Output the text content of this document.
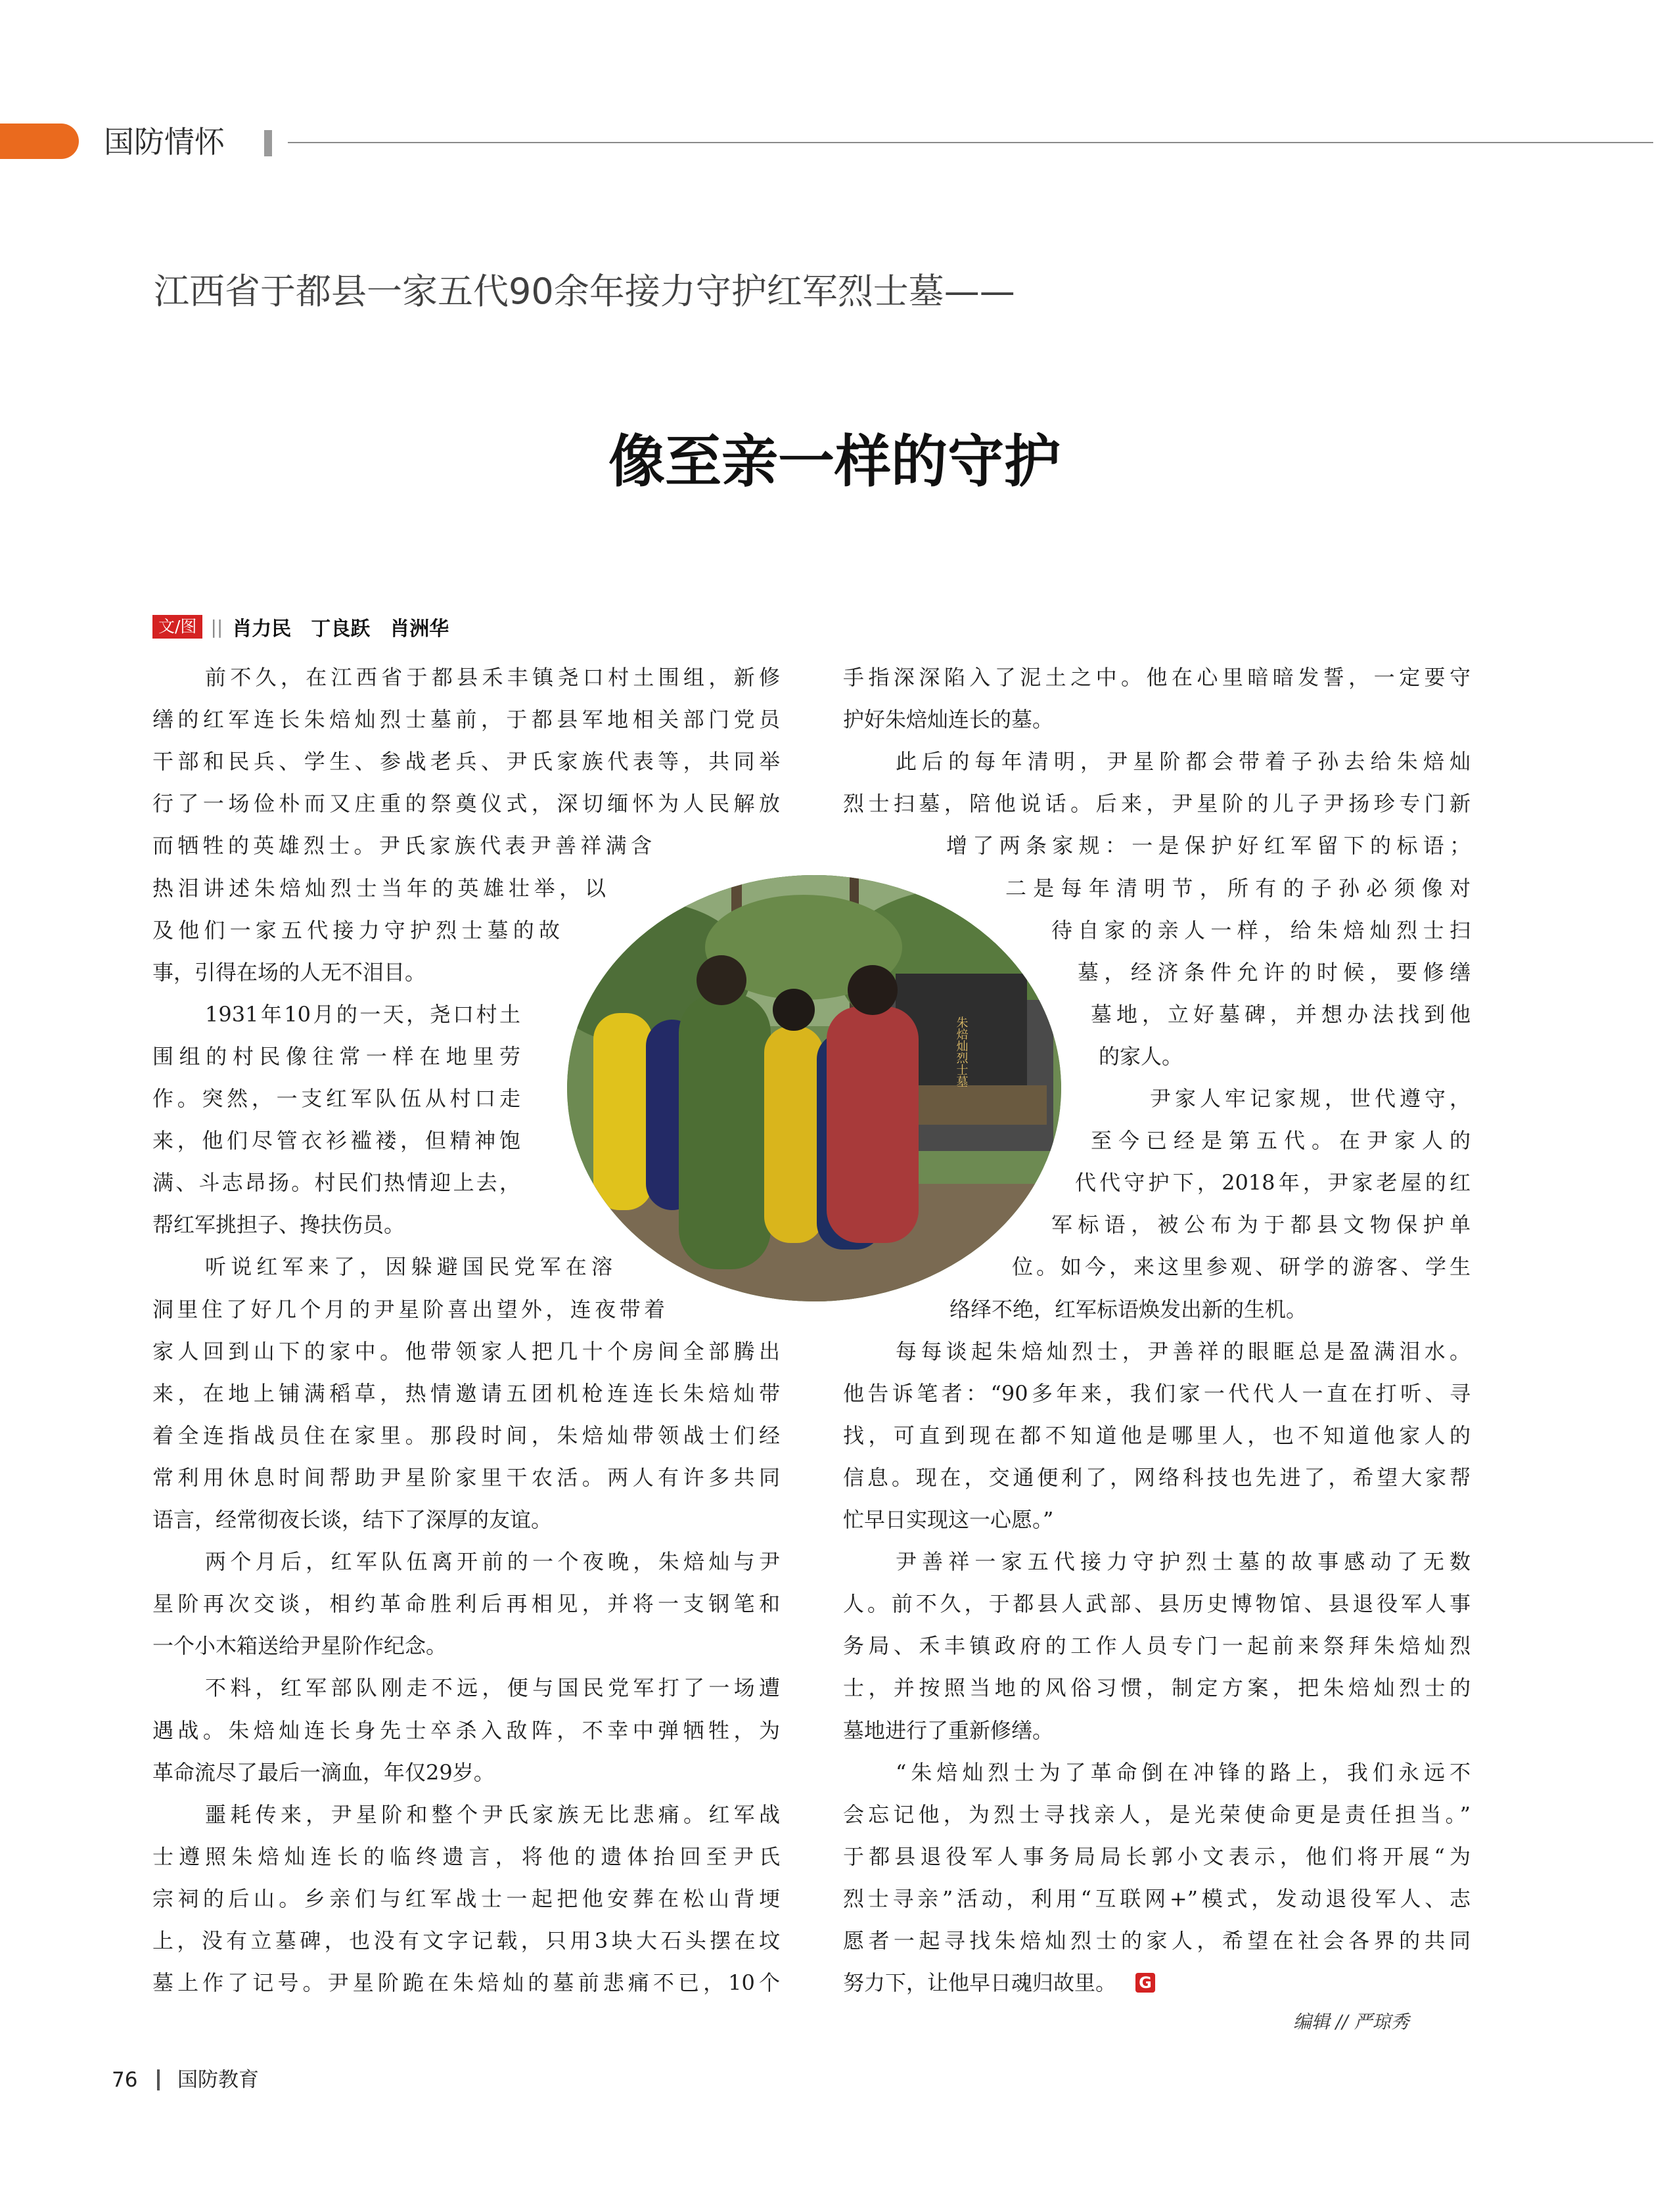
国防情怀
江西省于都县一家五代90余年接力守护红军烈士墓——
像至亲一样的守护
文/图 || 肖力民　丁良跃　肖洲华
前不久，在江西省于都县禾丰镇尧口村土围组，新修
缮的红军连长朱焙灿烈士墓前，于都县军地相关部门党员
干部和民兵、学生、参战老兵、尹氏家族代表等，共同举
行了一场俭朴而又庄重的祭奠仪式，深切缅怀为人民解放
而牺牲的英雄烈士。尹氏家族代表尹善祥满含
热泪讲述朱焙灿烈士当年的英雄壮举，以
及他们一家五代接力守护烈士墓的故
事，引得在场的人无不泪目。
1931年10月的一天，尧口村土
围组的村民像往常一样在地里劳
作。突然，一支红军队伍从村口走
来，他们尽管衣衫褴褛，但精神饱
满、斗志昂扬。村民们热情迎上去，
帮红军挑担子、搀扶伤员。
听说红军来了，因躲避国民党军在溶
洞里住了好几个月的尹星阶喜出望外，连夜带着
家人回到山下的家中。他带领家人把几十个房间全部腾出
来，在地上铺满稻草，热情邀请五团机枪连连长朱焙灿带
着全连指战员住在家里。那段时间，朱焙灿带领战士们经
常利用休息时间帮助尹星阶家里干农活。两人有许多共同
语言，经常彻夜长谈，结下了深厚的友谊。
两个月后，红军队伍离开前的一个夜晚，朱焙灿与尹
星阶再次交谈，相约革命胜利后再相见，并将一支钢笔和
一个小木箱送给尹星阶作纪念。
不料，红军部队刚走不远，便与国民党军打了一场遭
遇战。朱焙灿连长身先士卒杀入敌阵，不幸中弹牺牲，为
革命流尽了最后一滴血，年仅29岁。
噩耗传来，尹星阶和整个尹氏家族无比悲痛。红军战
士遵照朱焙灿连长的临终遗言，将他的遗体抬回至尹氏
宗祠的后山。乡亲们与红军战士一起把他安葬在松山背埂
上，没有立墓碑，也没有文字记载，只用3块大石头摆在坟
墓上作了记号。尹星阶跪在朱焙灿的墓前悲痛不已，10个
手指深深陷入了泥土之中。他在心里暗暗发誓，一定要守
护好朱焙灿连长的墓。
此后的每年清明，尹星阶都会带着子孙去给朱焙灿
烈士扫墓，陪他说话。后来，尹星阶的儿子尹扬珍专门新
增了两条家规：一是保护好红军留下的标语；
二是每年清明节，所有的子孙必须像对
待自家的亲人一样，给朱焙灿烈士扫
墓，经济条件允许的时候，要修缮
墓地，立好墓碑，并想办法找到他
的家人。
尹家人牢记家规，世代遵守，
至今已经是第五代。在尹家人的
代代守护下，2018年，尹家老屋的红
军标语，被公布为于都县文物保护单
位。如今，来这里参观、研学的游客、学生
络绎不绝，红军标语焕发出新的生机。
每每谈起朱焙灿烈士，尹善祥的眼眶总是盈满泪水。
他告诉笔者：“90多年来，我们家一代代人一直在打听、寻
找，可直到现在都不知道他是哪里人，也不知道他家人的
信息。现在，交通便利了，网络科技也先进了，希望大家帮
忙早日实现这一心愿。”
尹善祥一家五代接力守护烈士墓的故事感动了无数
人。前不久，于都县人武部、县历史博物馆、县退役军人事
务局、禾丰镇政府的工作人员专门一起前来祭拜朱焙灿烈
士，并按照当地的风俗习惯，制定方案，把朱焙灿烈士的
墓地进行了重新修缮。
“朱焙灿烈士为了革命倒在冲锋的路上，我们永远不
会忘记他，为烈士寻找亲人，是光荣使命更是责任担当。”
于都县退役军人事务局局长郭小文表示，他们将开展“为
烈士寻亲”活动，利用“互联网+”模式，发动退役军人、志
愿者一起寻找朱焙灿烈士的家人，希望在社会各界的共同
努力下，让他早日魂归故里。	G
朱焙灿烈士墓
编辑 // 严琼秀
76 国防教育
